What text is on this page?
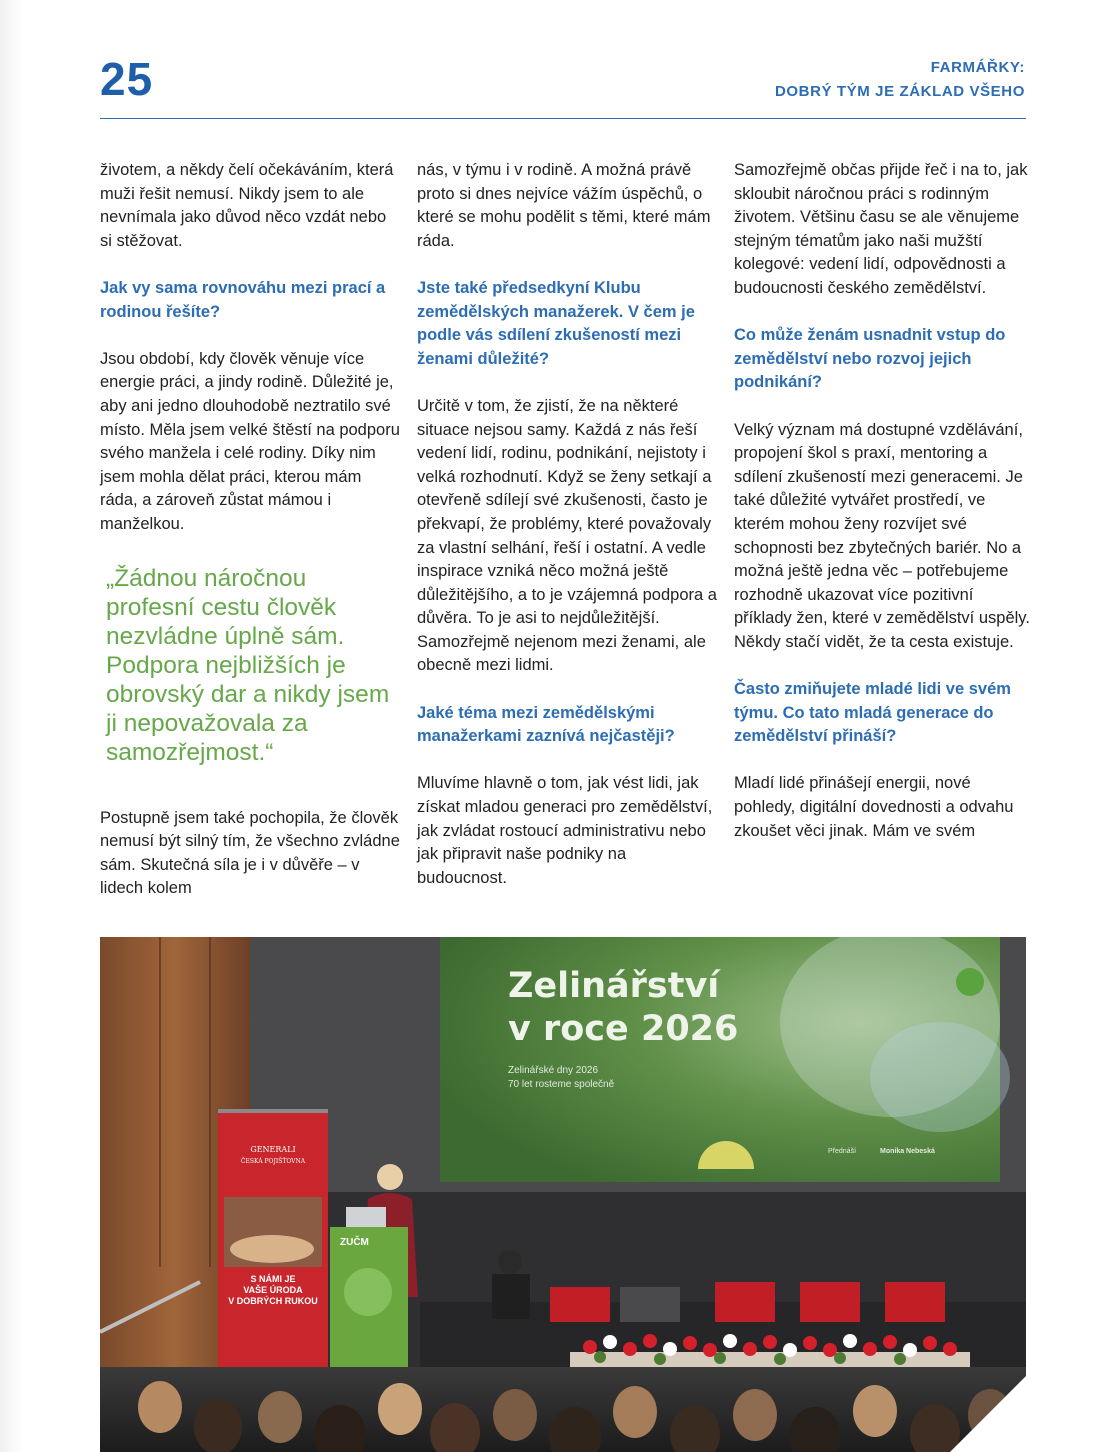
25	FARMÁŘKY:
DOBRÝ TÝM JE ZÁKLAD VŠEHO

životem, a někdy čelí očekáváním, která muži řešit nemusí. Nikdy jsem to ale nevnímala jako důvod něco vzdát nebo si stěžovat.

Jak vy sama rovnováhu mezi prací a rodinou řešíte?

Jsou období, kdy člověk věnuje více energie práci, a jindy rodině. Důležité je, aby ani jedno dlouhodobě neztratilo své místo. Měla jsem velké štěstí na podporu svého manžela i celé rodiny. Díky nim jsem mohla dělat práci, kterou mám ráda, a zároveň zůstat mámou i manželkou.

„Žádnou náročnou profesní cestu člověk nezvládne úplně sám. Podpora nejbližších je obrovský dar a nikdy jsem ji nepovažovala za samozřejmost.“

Postupně jsem také pochopila, že člověk nemusí být silný tím, že všechno zvládne sám. Skutečná síla je i v důvěře – v lidech kolem

nás, v týmu i v rodině. A možná právě proto si dnes nejvíce vážím úspěchů, o které se mohu podělit s těmi, které mám ráda.

Jste také předsedkyní Klubu zemědělských manažerek. V čem je podle vás sdílení zkušeností mezi ženami důležité?

Určitě v tom, že zjistí, že na některé situace nejsou samy. Každá z nás řeší vedení lidí, rodinu, podnikání, nejistoty i velká rozhodnutí. Když se ženy setkají a otevřeně sdílejí své zkušenosti, často je překvapí, že problémy, které považovaly za vlastní selhání, řeší i ostatní. A vedle inspirace vzniká něco možná ještě důležitějšího, a to je vzájemná podpora a důvěra. To je asi to nejdůležitější. Samozřejmě nejenom mezi ženami, ale obecně mezi lidmi.

Jaké téma mezi zemědělskými manažerkami zaznívá nejčastěji?

Mluvíme hlavně o tom, jak vést lidi, jak získat mladou generaci pro zemědělství, jak zvládat rostoucí administrativu nebo jak připravit naše podniky na budoucnost.

Samozřejmě občas přijde řeč i na to, jak skloubit náročnou práci s rodinným životem. Většinu času se ale věnujeme stejným tématům jako naši mužští kolegové: vedení lidí, odpovědnosti a budoucnosti českého zemědělství.

Co může ženám usnadnit vstup do zemědělství nebo rozvoj jejich podnikání?

Velký význam má dostupné vzdělávání, propojení škol s praxí, mentoring a sdílení zkušeností mezi generacemi. Je také důležité vytvářet prostředí, ve kterém mohou ženy rozvíjet své schopnosti bez zbytečných bariér. No a možná ještě jedna věc – potřebujeme rozhodně ukazovat více pozitivní příklady žen, které v zemědělství uspěly. Někdy stačí vidět, že ta cesta existuje.

Často zmiňujete mladé lidi ve svém týmu. Co tato mladá generace do zemědělství přináší?

Mladí lidé přinášejí energii, nové pohledy, digitální dovednosti a odvahu zkoušet věci jinak. Mám ve svém

Zelinářství
v roce 2026
Zelinářské dny 2026
70 let rosteme společně
Přednáší	Monika Nebeská
GENERALI
ČESKÁ POJIŠŤOVNA
S NÁMI JE
VAŠE ÚRODA
V DOBRÝCH RUKOU
ZUČM
